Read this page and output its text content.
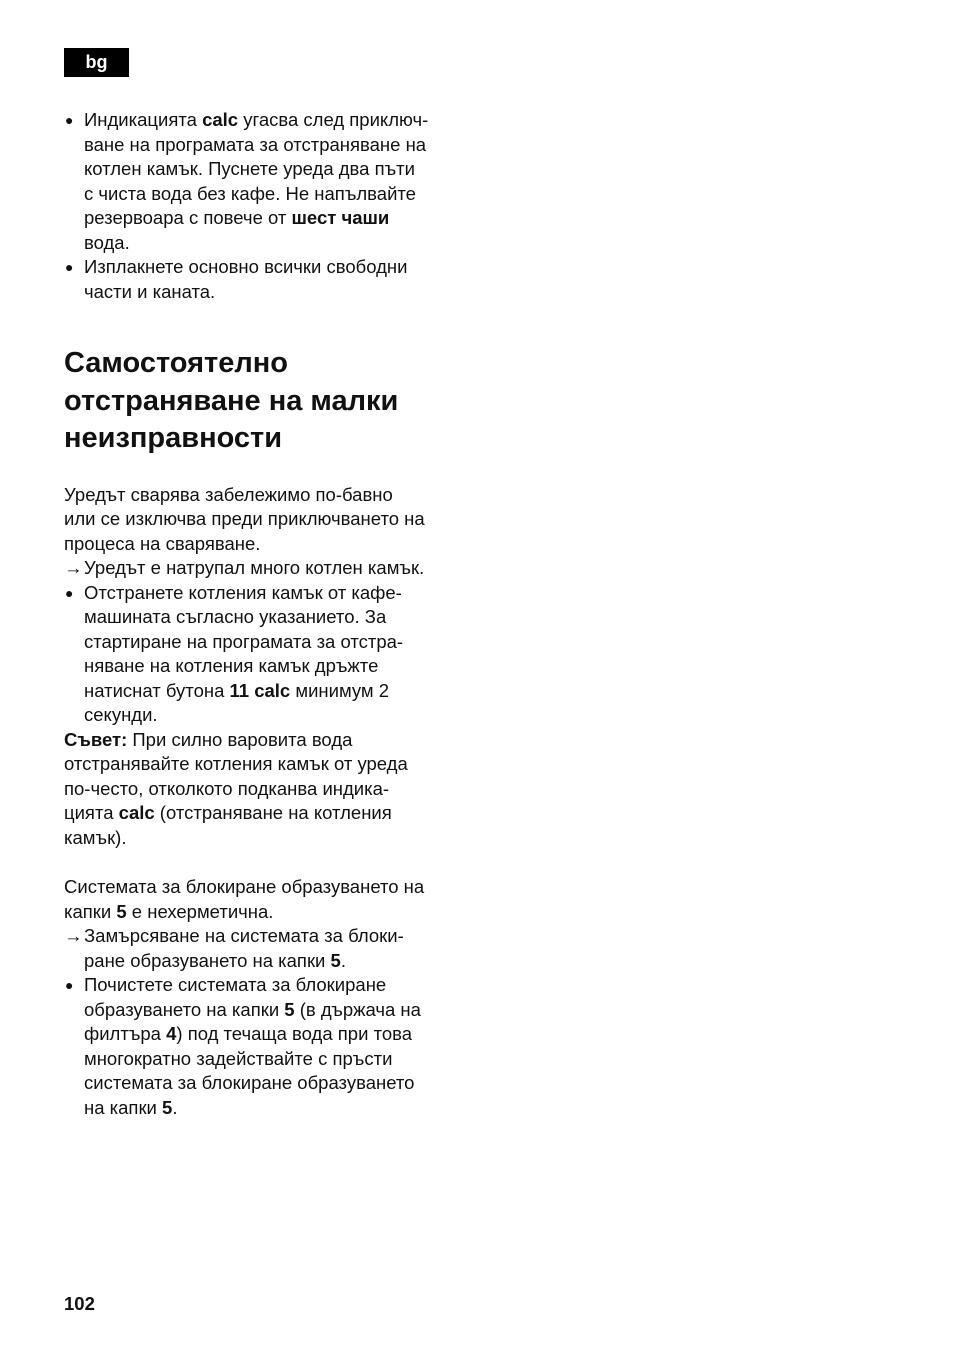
bg
● Индикацията calc угасва след приключ-
ване на програмата за отстраняване на
котлен камък. Пуснете уреда два пъти
с чиста вода без кафе. Не напълвайте
резервоара с повече от шест чаши
вода.
● Изплакнете основно всички свободни
части и каната.
Самостоятелно
отстраняване на малки
неизправности
Уредът сварява забележимо по-бавно
или се изключва преди приключването на
процеса на сваряване.
→ Уредът е натрупал много котлен камък.
● Отстранете котления камък от кафе-
машината съгласно указанието. За
стартиране на програмата за отстра-
няване на котления камък дръжте
натиснат бутона 11 calc минимум 2
секунди.
Съвет: При силно варовита вода
отстранявайте котления камък от уреда
по-често, отколкото подканва индика-
цията calc (отстраняване на котления
камък).
Системата за блокиране образуването на
капки 5 е нехерметична.
→ Замърсяване на системата за блоки-
ране образуването на капки 5.
● Почистете системата за блокиране
образуването на капки 5 (в държача на
филтъра 4) под течаща вода при това
многократно задействайте с пръсти
системата за блокиране образуването
на капки 5.
102
